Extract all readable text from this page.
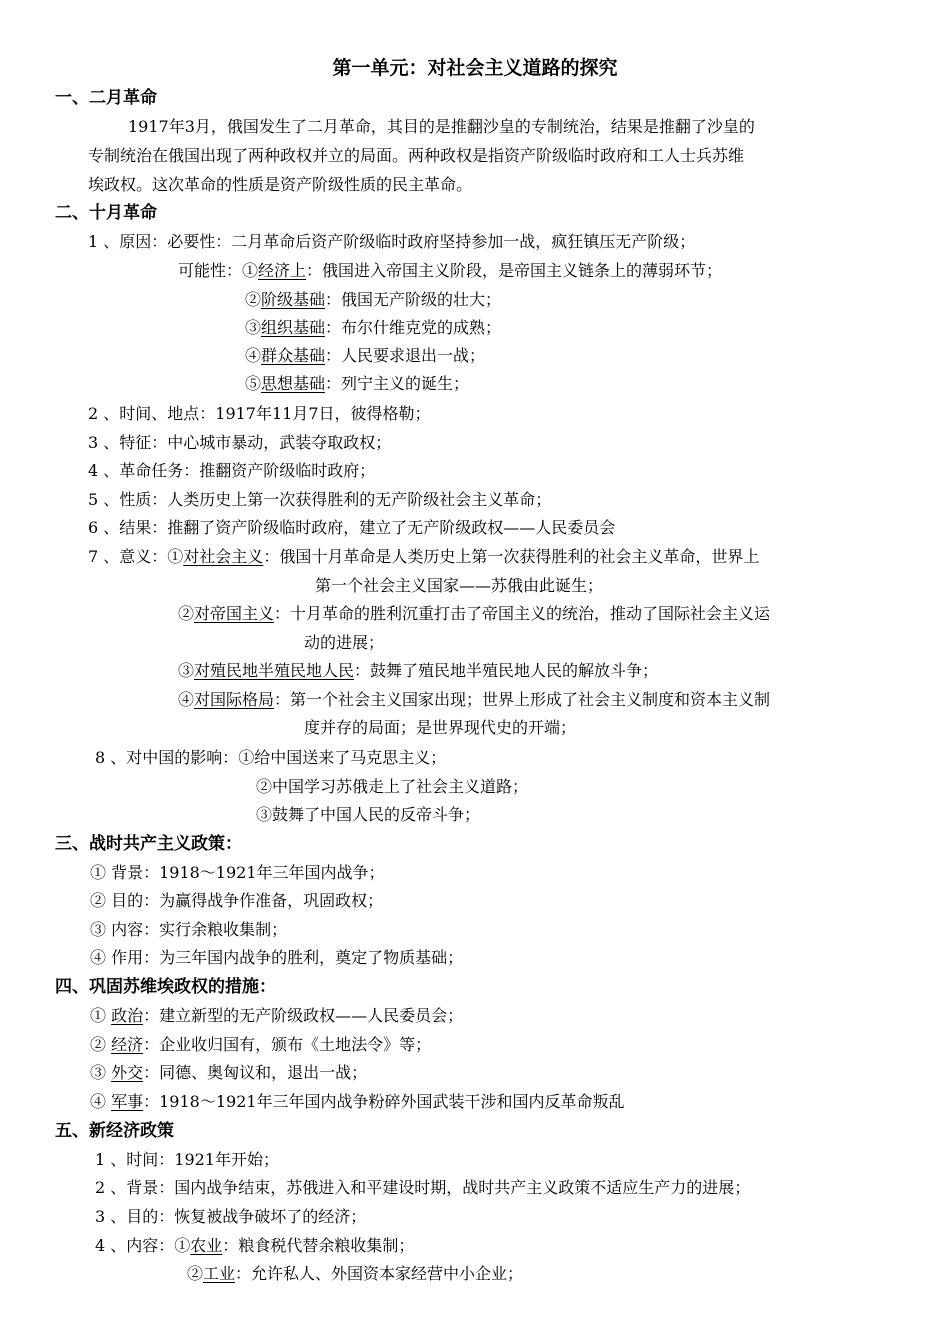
第一单元：对社会主义道路的探究
一、二月革命
1917年3月，俄国发生了二月革命，其目的是推翻沙皇的专制统治，结果是推翻了沙皇的
专制统治在俄国出现了两种政权并立的局面。两种政权是指资产阶级临时政府和工人士兵苏维
埃政权。这次革命的性质是资产阶级性质的民主革命。
二、十月革命
1 、原因：必要性：二月革命后资产阶级临时政府坚持参加一战，疯狂镇压无产阶级；
可能性：①经济上：俄国进入帝国主义阶段，是帝国主义链条上的薄弱环节；
②阶级基础：俄国无产阶级的壮大；
③组织基础：布尔什维克党的成熟；
④群众基础：人民要求退出一战；
⑤思想基础：列宁主义的诞生；
2 、时间、地点：1917年11月7日，彼得格勒；
3 、特征：中心城市暴动，武装夺取政权；
4 、革命任务：推翻资产阶级临时政府；
5 、性质：人类历史上第一次获得胜利的无产阶级社会主义革命；
6 、结果：推翻了资产阶级临时政府，建立了无产阶级政权——人民委员会
7 、意义：①对社会主义：俄国十月革命是人类历史上第一次获得胜利的社会主义革命，世界上
第一个社会主义国家——苏俄由此诞生；
②对帝国主义：十月革命的胜利沉重打击了帝国主义的统治，推动了国际社会主义运
动的进展；
③对殖民地半殖民地人民：鼓舞了殖民地半殖民地人民的解放斗争；
④对国际格局：第一个社会主义国家出现；世界上形成了社会主义制度和资本主义制
度并存的局面；是世界现代史的开端；
8 、对中国的影响：①给中国送来了马克思主义；
②中国学习苏俄走上了社会主义道路；
③鼓舞了中国人民的反帝斗争；
三、战时共产主义政策：
① 背景：1918～1921年三年国内战争；
② 目的：为赢得战争作准备，巩固政权；
③ 内容：实行余粮收集制；
④ 作用：为三年国内战争的胜利，奠定了物质基础；
四、巩固苏维埃政权的措施：
① 政治：建立新型的无产阶级政权——人民委员会；
② 经济：企业收归国有，颁布《土地法令》等；
③ 外交：同德、奥匈议和，退出一战；
④ 军事：1918～1921年三年国内战争粉碎外国武装干涉和国内反革命叛乱
五、新经济政策
1 、时间：1921年开始；
2 、背景：国内战争结束，苏俄进入和平建设时期，战时共产主义政策不适应生产力的进展；
3 、目的：恢复被战争破坏了的经济；
4 、内容：①农业：粮食税代替余粮收集制；
②工业：允许私人、外国资本家经营中小企业；
